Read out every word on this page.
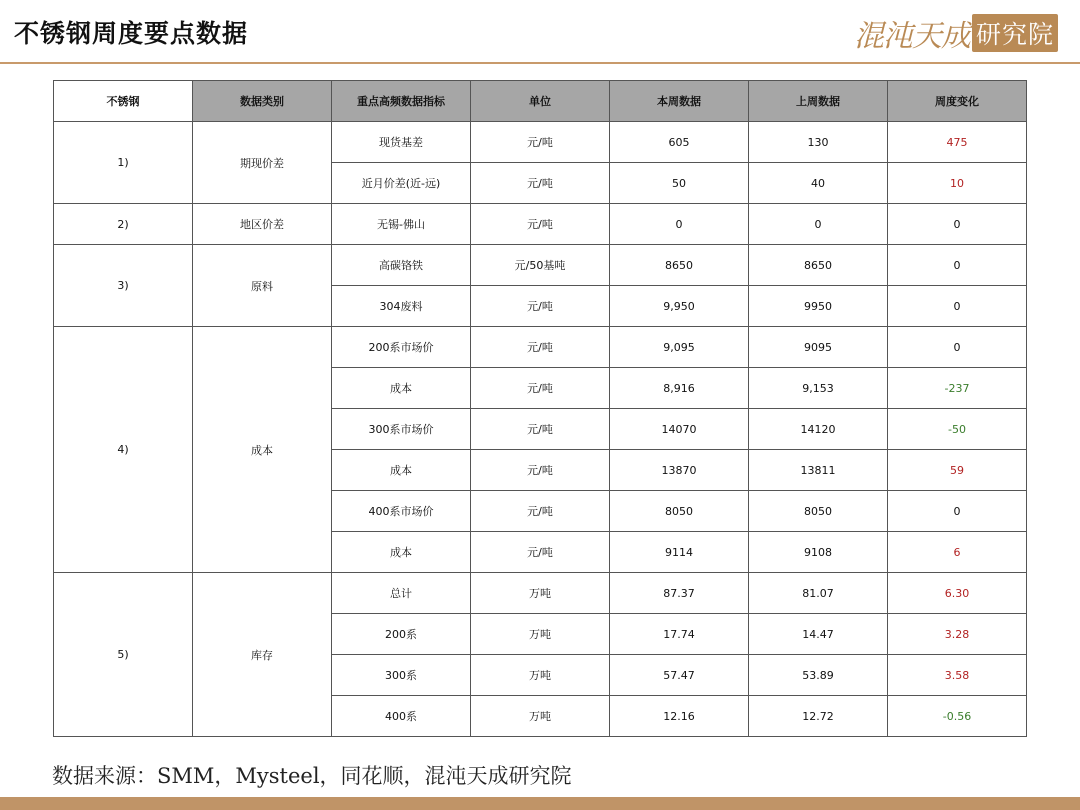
不锈钢周度要点数据	混沌天成 研究院
不锈钢	数据类别	重点高频数据指标	单位	本周数据	上周数据	周度变化
1)	期现价差	现货基差	元/吨	605	130	475
		近月价差(近-远)	元/吨	50	40	10
2)	地区价差	无锡-佛山	元/吨	0	0	0
3)	原料	高碳铬铁	元/50基吨	8650	8650	0
		304废料	元/吨	9,950	9950	0
4)	成本	200系市场价	元/吨	9,095	9095	0
		成本	元/吨	8,916	9,153	-237
		300系市场价	元/吨	14070	14120	-50
		成本	元/吨	13870	13811	59
		400系市场价	元/吨	8050	8050	0
		成本	元/吨	9114	9108	6
5)	库存	总计	万吨	87.37	81.07	6.30
		200系	万吨	17.74	14.47	3.28
		300系	万吨	57.47	53.89	3.58
		400系	万吨	12.16	12.72	-0.56
数据来源：SMM，Mysteel，同花顺，混沌天成研究院
